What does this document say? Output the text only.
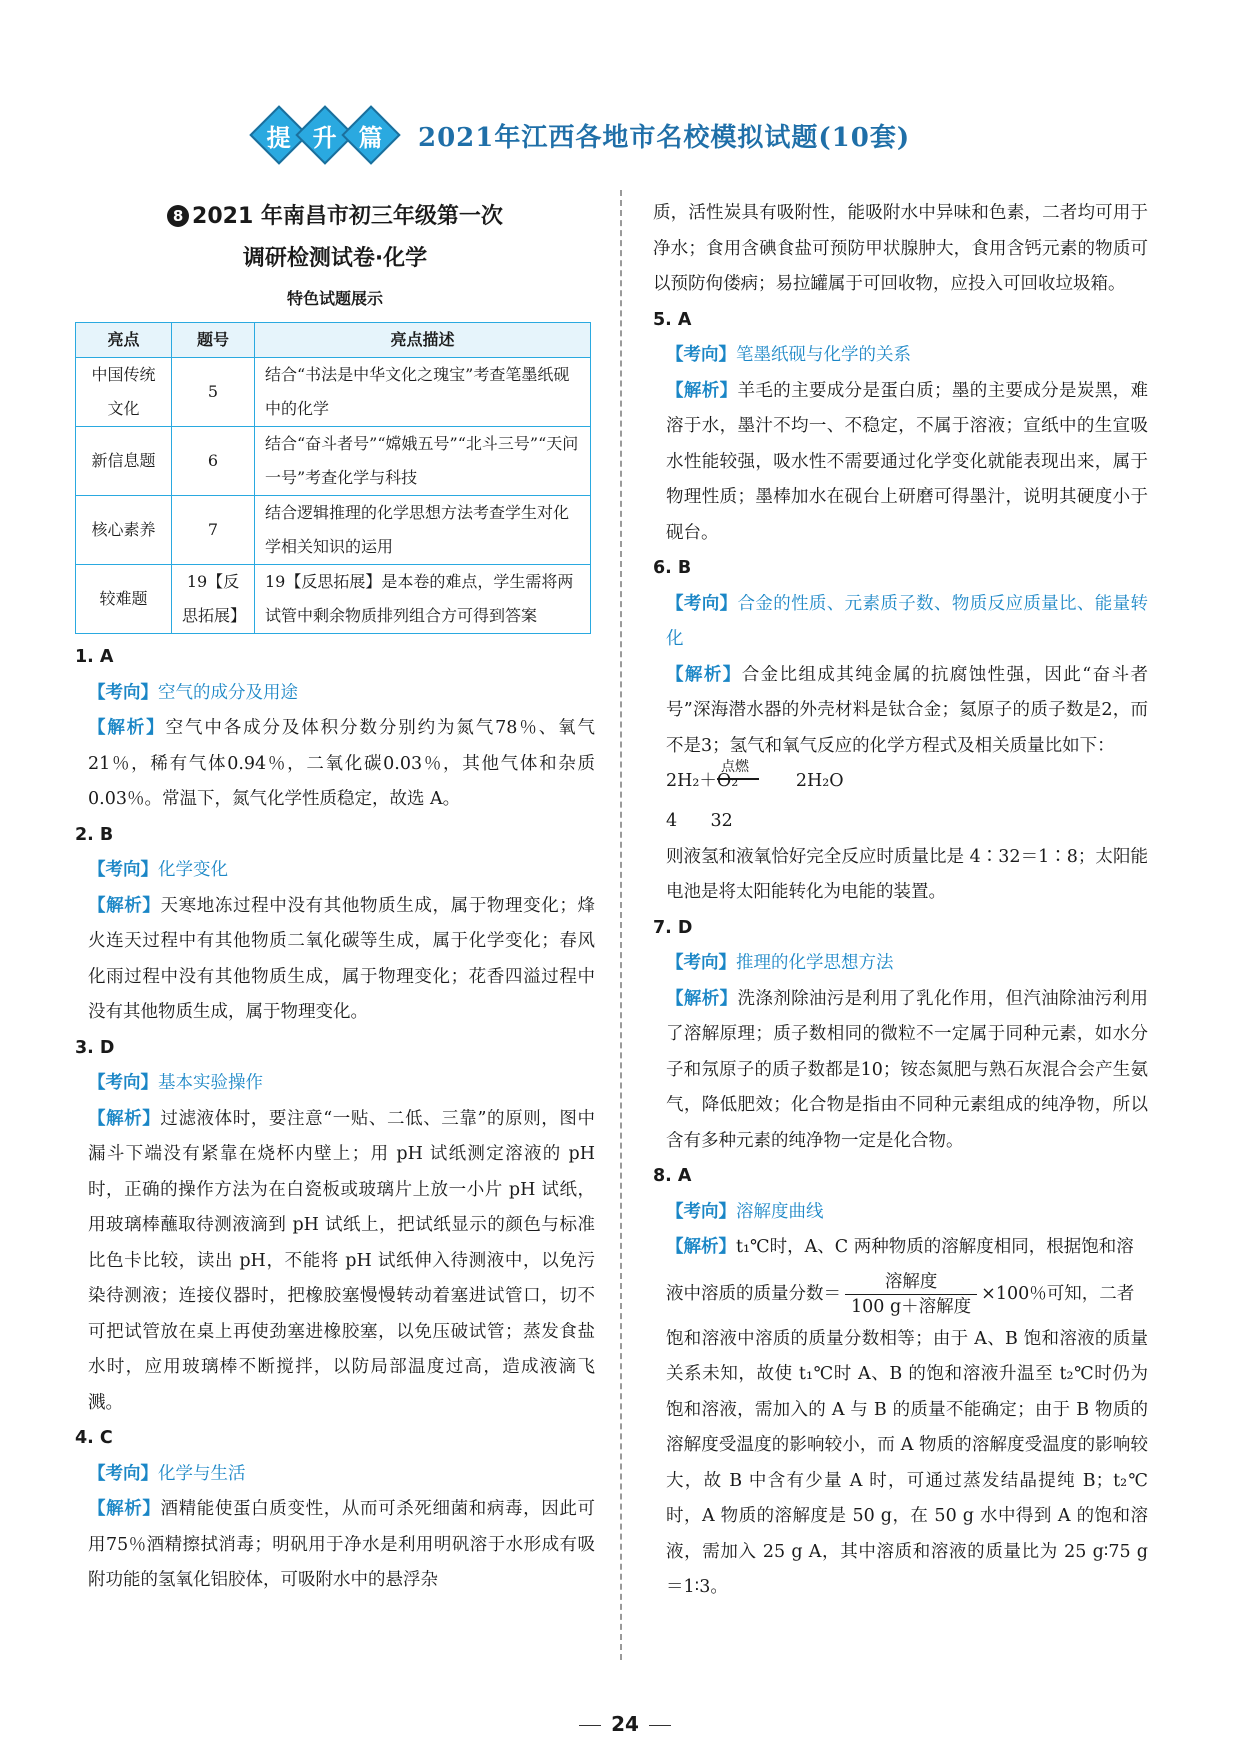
提 升 篇 2021年江西各地市名校模拟试题(10套)
8 2021 年南昌市初三年级第一次
调研检测试卷·化学
特色试题展示
亮点	题号	亮点描述
中国传统文化	5	结合“书法是中华文化之瑰宝”考查笔墨纸砚中的化学
新信息题	6	结合“奋斗者号”“嫦娥五号”“北斗三号”“天问一号”考查化学与科技
核心素养	7	结合逻辑推理的化学思想方法考查学生对化学相关知识的运用
较难题	19【反思拓展】	19【反思拓展】是本卷的难点，学生需将两试管中剩余物质排列组合方可得到答案

1. A

【考向】空气的成分及用途

【解析】空气中各成分及体积分数分别约为氮气78％、氧气21％，稀有气体0.94％，二氧化碳0.03％，其他气体和杂质0.03％。常温下，氮气化学性质稳定，故选 A。

2. B

【考向】化学变化

【解析】天寒地冻过程中没有其他物质生成，属于物理变化；烽火连天过程中有其他物质二氧化碳等生成，属于化学变化；春风化雨过程中没有其他物质生成，属于物理变化；花香四溢过程中没有其他物质生成，属于物理变化。

3. D

【考向】基本实验操作

【解析】过滤液体时，要注意“一贴、二低、三靠”的原则，图中漏斗下端没有紧靠在烧杯内壁上；用 pH 试纸测定溶液的 pH 时，正确的操作方法为在白瓷板或玻璃片上放一小片 pH 试纸，用玻璃棒蘸取待测液滴到 pH 试纸上，把试纸显示的颜色与标准比色卡比较，读出 pH，不能将 pH 试纸伸入待测液中，以免污染待测液；连接仪器时，把橡胶塞慢慢转动着塞进试管口，切不可把试管放在桌上再使劲塞进橡胶塞，以免压破试管；蒸发食盐水时，应用玻璃棒不断搅拌，以防局部温度过高，造成液滴飞溅。

4. C

【考向】化学与生活

【解析】酒精能使蛋白质变性，从而可杀死细菌和病毒，因此可用75％酒精擦拭消毒；明矾用于净水是利用明矾溶于水形成有吸附功能的氢氧化铝胶体，可吸附水中的悬浮杂

质，活性炭具有吸附性，能吸附水中异味和色素，二者均可用于净水；食用含碘食盐可预防甲状腺肿大，食用含钙元素的物质可以预防佝偻病；易拉罐属于可回收物，应投入可回收垃圾箱。

5. A

【考向】笔墨纸砚与化学的关系

【解析】羊毛的主要成分是蛋白质；墨的主要成分是炭黑，难溶于水，墨汁不均一、不稳定，不属于溶液；宣纸中的生宣吸水性能较强，吸水性不需要通过化学变化就能表现出来，属于物理性质；墨棒加水在砚台上研磨可得墨汁，说明其硬度小于砚台。

6. B

【考向】合金的性质、元素质子数、物质反应质量比、能量转化

【解析】合金比组成其纯金属的抗腐蚀性强，因此“奋斗者号”深海潜水器的外壳材料是钛合金；氦原子的质子数是2，而不是3；氢气和氧气反应的化学方程式及相关质量比如下：

2H₂＋O₂
点燃
2H₂O

4      32

则液氢和液氧恰好完全反应时质量比是 4∶32＝1∶8；太阳能电池是将太阳能转化为电能的装置。

7. D

【考向】推理的化学思想方法

【解析】洗涤剂除油污是利用了乳化作用，但汽油除油污利用了溶解原理；质子数相同的微粒不一定属于同种元素，如水分子和氖原子的质子数都是10；铵态氮肥与熟石灰混合会产生氨气，降低肥效；化合物是指由不同种元素组成的纯净物，所以含有多种元素的纯净物一定是化合物。

8. A

【考向】溶解度曲线

【解析】t₁℃时，A、C 两种物质的溶解度相同，根据饱和溶

液中溶质的质量分数＝ $\frac{\text{溶解度}}{\text{100 g＋溶解度}} \times 100$％可知，二者

饱和溶液中溶质的质量分数相等；由于 A、B 饱和溶液的质量关系未知，故使 t₁℃时 A、B 的饱和溶液升温至 t₂℃时仍为饱和溶液，需加入的 A 与 B 的质量不能确定；由于 B 物质的溶解度受温度的影响较小，而 A 物质的溶解度受温度的影响较大，故 B 中含有少量 A 时，可通过蒸发结晶提纯 B；t₂℃时，A 物质的溶解度是 50 g，在 50 g 水中得到 A 的饱和溶液，需加入 25 g A，其中溶质和溶液的质量比为 25 g∶75 g＝1∶3。

24
